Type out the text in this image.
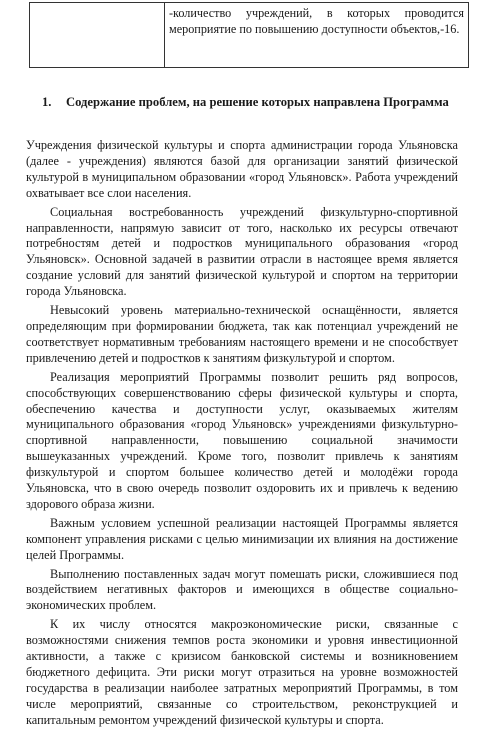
	-количество учреждений, в которых проводится мероприятие по повышению доступности объектов,-16.
1. Содержание проблем, на решение которых направлена Программа

Учреждения физической культуры и спорта администрации города Ульяновска (далее - учреждения) являются базой для организации занятий физической культурой в муниципальном образовании «город Ульяновск». Работа учреждений охватывает все слои населения.

Социальная востребованность учреждений физкультурно-спортивной направленности, напрямую зависит от того, насколько их ресурсы отвечают потребностям детей и подростков муниципального образования «город Ульяновск». Основной задачей в развитии отрасли в настоящее время является создание условий для занятий физической культурой и спортом на территории города Ульяновска.

Невысокий уровень материально-технической оснащённости, является определяющим при формировании бюджета, так как потенциал учреждений не соответствует нормативным требованиям настоящего времени и не способствует привлечению детей и подростков к занятиям физкультурой и спортом.

Реализация мероприятий Программы позволит решить ряд вопросов, способствующих совершенствованию сферы физической культуры и спорта, обеспечению качества и доступности услуг, оказываемых жителям муниципального образования «город Ульяновск» учреждениями физкультурно-спортивной направленности, повышению социальной значимости вышеуказанных учреждений. Кроме того, позволит привлечь к занятиям физкультурой и спортом большее количество детей и молодёжи города Ульяновска, что в свою очередь позволит оздоровить их и привлечь к ведению здорового образа жизни.

Важным условием успешной реализации настоящей Программы является компонент управления рисками с целью минимизации их влияния на достижение целей Программы.

Выполнению поставленных задач могут помешать риски, сложившиеся под воздействием негативных факторов и имеющихся в обществе социально-экономических проблем.

К их числу относятся макроэкономические риски, связанные с возможностями снижения темпов роста экономики и уровня инвестиционной активности, а также с кризисом банковской системы и возникновением бюджетного дефицита. Эти риски могут отразиться на уровне возможностей государства в реализации наиболее затратных мероприятий Программы, в том числе мероприятий, связанные со строительством, реконструкцией и капитальным ремонтом учреждений физической культуры и спорта.
